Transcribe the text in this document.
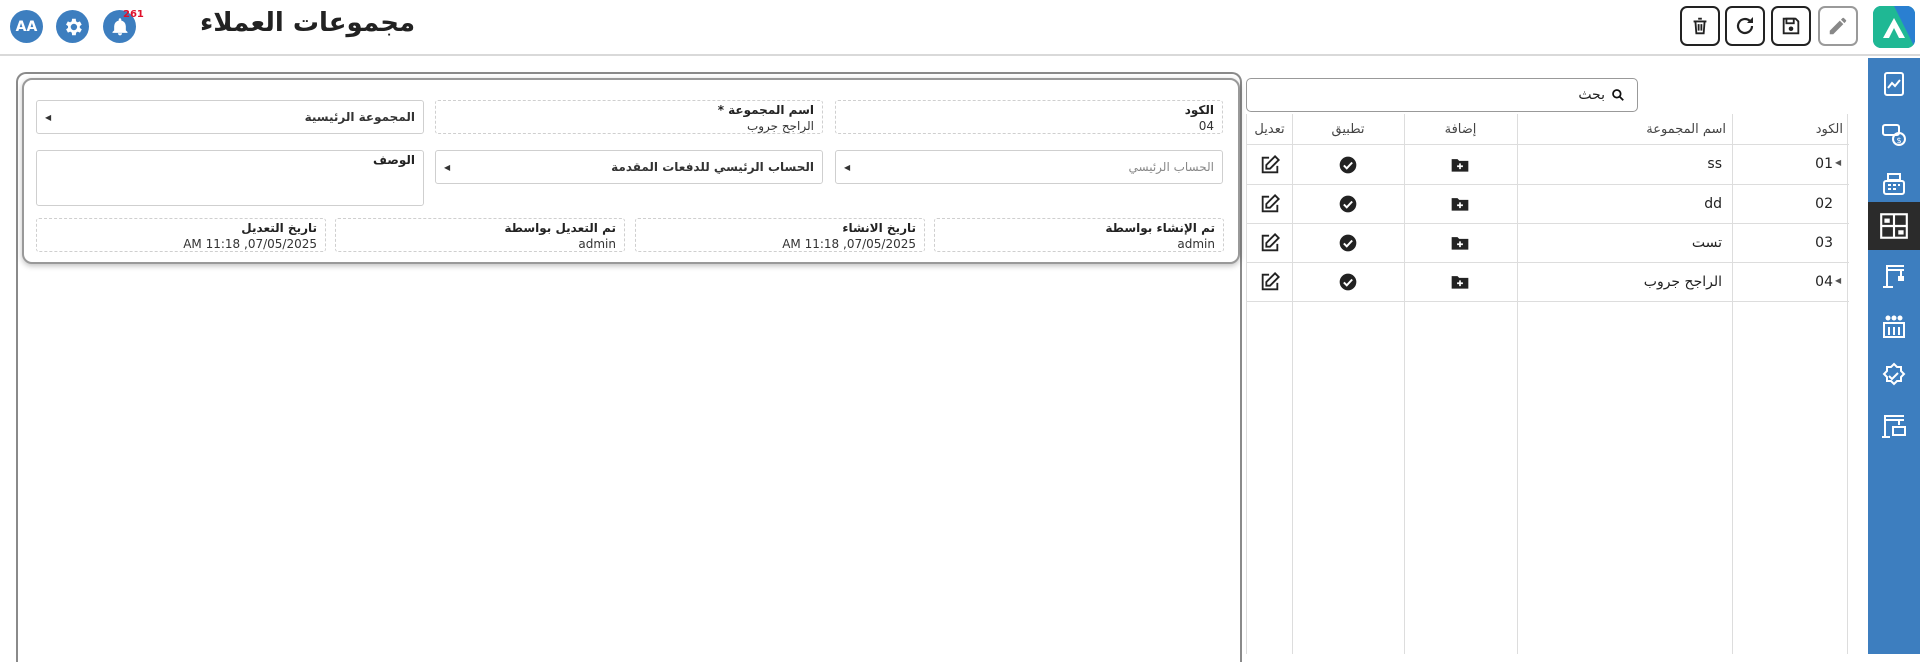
AA
261 مجموعات العملاء
$
الكود
04
اسم المجموعة *
الراجح جروب
المجموعة الرئيسية
◀
الحساب الرئيسي
◀
الحساب الرئيسي للدفعات المقدمة
◀
الوصف
تم الإنشاء بواسطة
admin
تاريخ الانشاء
07/05/2025, 11:18 AM
تم التعديل بواسطة
admin
تاريخ التعديل
07/05/2025, 11:18 AM
بحث
الكود
اسم المجموعة
إضافة
تطبيق
تعديل
01
ss	◀
02
dd
03
تست
◀
04
الراجح جروب
